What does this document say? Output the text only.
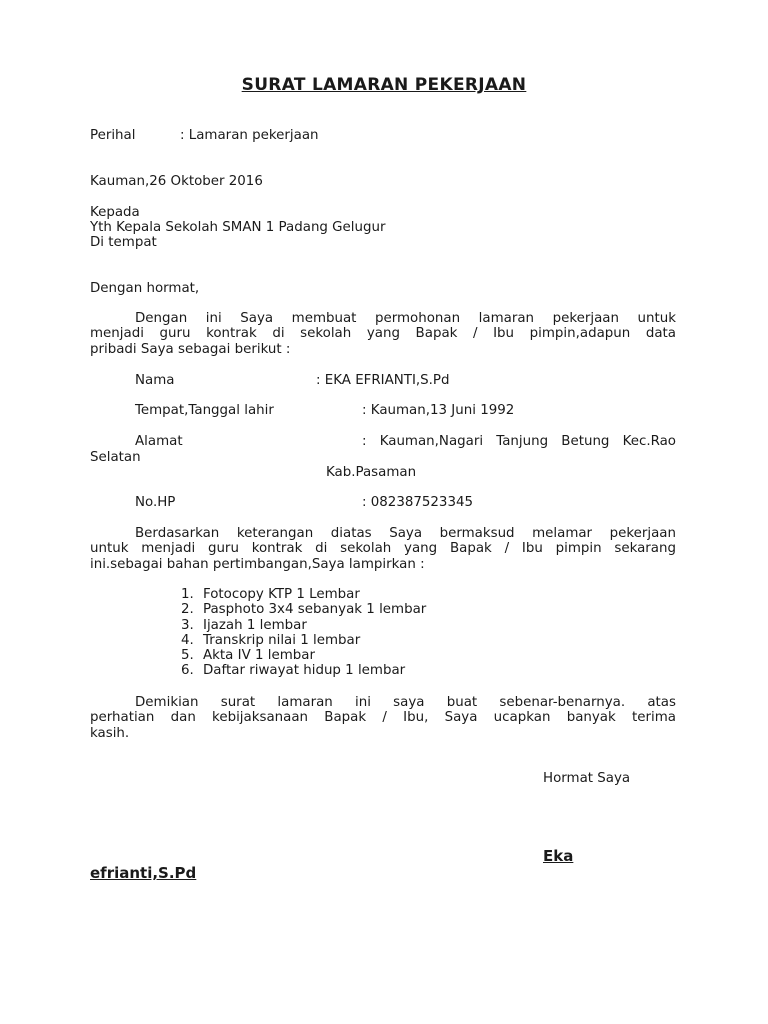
SURAT LAMARAN PEKERJAAN
Perihal	: Lamaran pekerjaan
Kauman,26 Oktober 2016
Kepada
Yth Kepala Sekolah SMAN 1 Padang Gelugur
Di tempat
Dengan hormat,
Dengan ini Saya membuat permohonan lamaran pekerjaan untuk
menjadi guru kontrak di sekolah yang Bapak / Ibu pimpin,adapun data
pribadi Saya sebagai berikut :
Nama	: EKA EFRIANTI,S.Pd
Tempat,Tanggal lahir	: Kauman,13 Juni 1992
Alamat	: Kauman,Nagari Tanjung Betung Kec.Rao
Selatan
Kab.Pasaman
No.HP	: 082387523345
Berdasarkan keterangan diatas Saya bermaksud melamar pekerjaan
untuk menjadi guru kontrak di sekolah yang Bapak / Ibu pimpin sekarang
ini.sebagai bahan pertimbangan,Saya lampirkan :
1. Fotocopy KTP 1 Lembar
2. Pasphoto 3x4 sebanyak 1 lembar
3. Ijazah 1 lembar
4. Transkrip nilai 1 lembar
5. Akta IV 1 lembar
6. Daftar riwayat hidup 1 lembar
Demikian surat lamaran ini saya buat sebenar-benarnya. atas
perhatian dan kebijaksanaan Bapak / Ibu, Saya ucapkan banyak terima
kasih.
Hormat Saya
Eka
efrianti,S.Pd
